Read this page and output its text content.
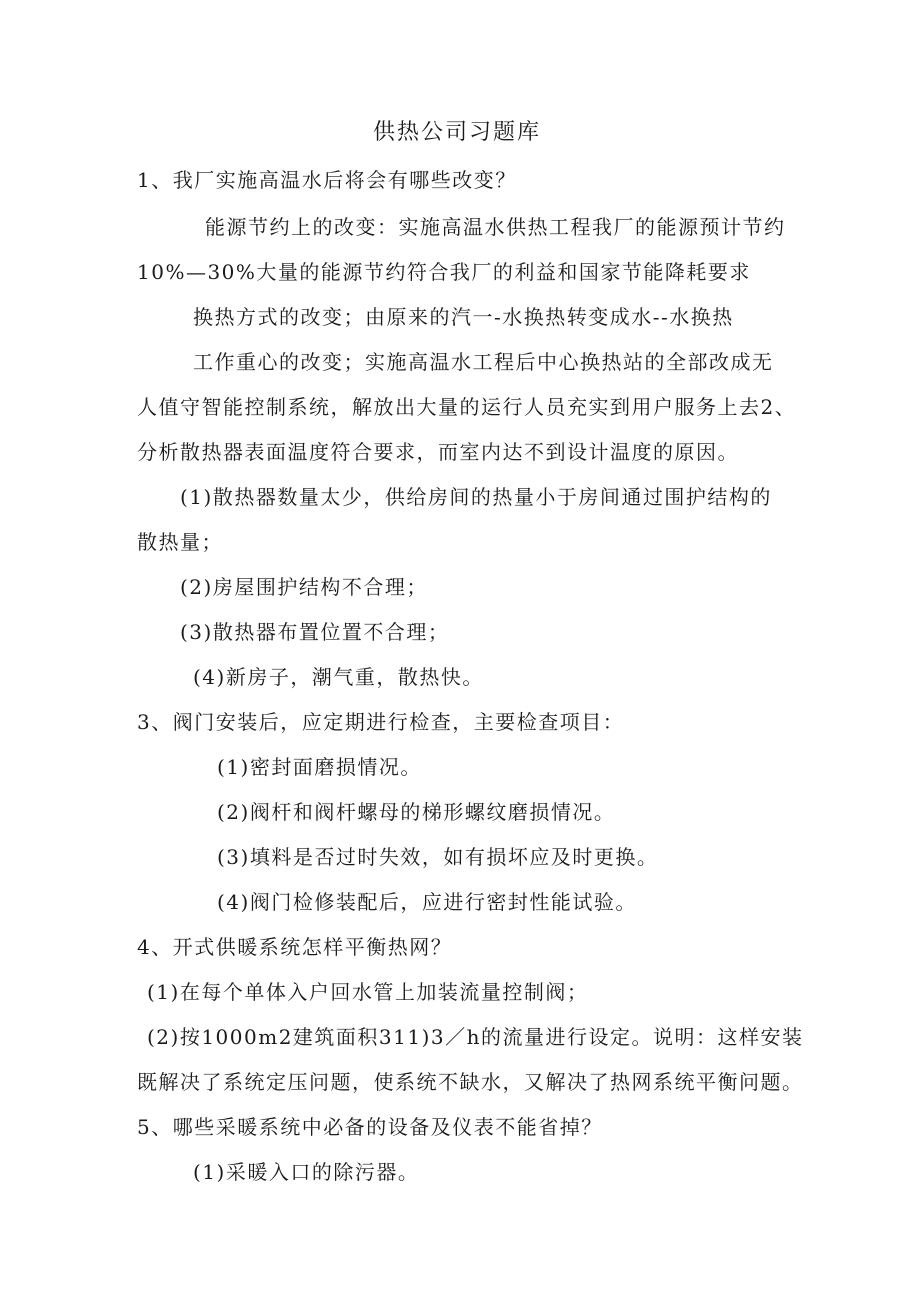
供热公司习题库
1、我厂实施高温水后将会有哪些改变？
能源节约上的改变：实施高温水供热工程我厂的能源预计节约
10%—30%大量的能源节约符合我厂的利益和国家节能降耗要求
换热方式的改变；由原来的汽一-水换热转变成水--水换热
工作重心的改变；实施高温水工程后中心换热站的全部改成无
人值守智能控制系统，解放出大量的运行人员充实到用户服务上去2、
分析散热器表面温度符合要求，而室内达不到设计温度的原因。
(1)散热器数量太少，供给房间的热量小于房间通过围护结构的
散热量；
(2)房屋围护结构不合理；
(3)散热器布置位置不合理；
(4)新房子，潮气重，散热快。
3、阀门安装后，应定期进行检查，主要检查项目：
(1)密封面磨损情况。
(2)阀杆和阀杆螺母的梯形螺纹磨损情况。
(3)填料是否过时失效，如有损坏应及时更换。
(4)阀门检修装配后，应进行密封性能试验。
4、开式供暖系统怎样平衡热网？
(1)在每个单体入户回水管上加装流量控制阀；
(2)按1000m2建筑面积311)3／h的流量进行设定。说明：这样安装
既解决了系统定压问题，使系统不缺水，又解决了热网系统平衡问题。
5、哪些采暖系统中必备的设备及仪表不能省掉？
(1)采暖入口的除污器。
